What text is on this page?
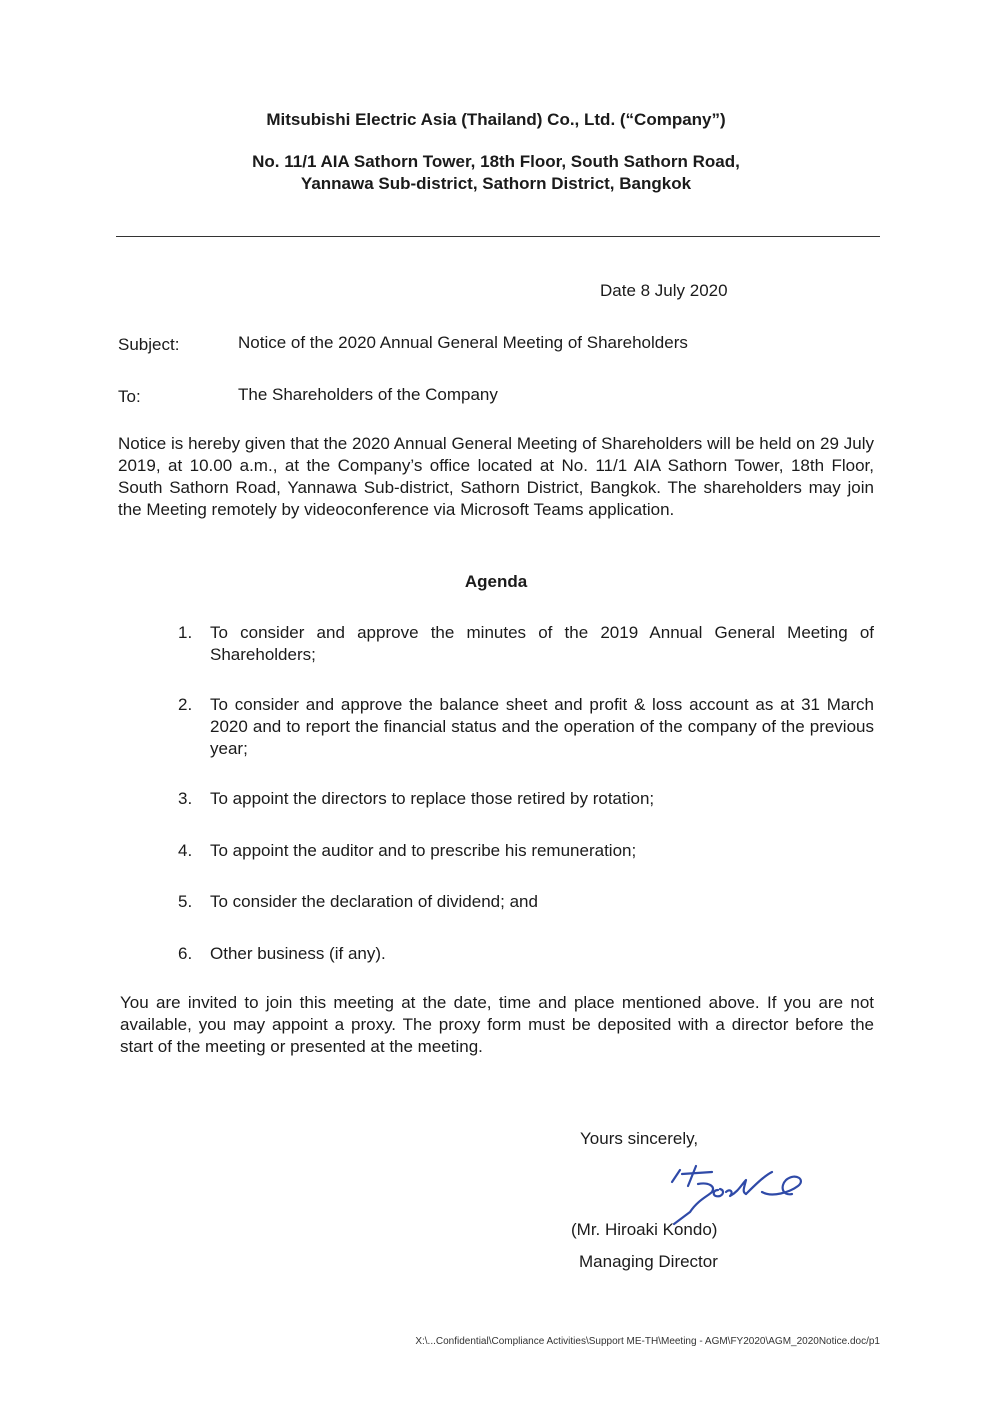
Mitsubishi Electric Asia (Thailand) Co., Ltd. (“Company”)
No. 11/1 AIA Sathorn Tower, 18th Floor, South Sathorn Road,
Yannawa Sub-district, Sathorn District, Bangkok
Date 8 July 2020
Subject:	Notice of the 2020 Annual General Meeting of Shareholders
To:	The Shareholders of the Company
Notice is hereby given that the 2020 Annual General Meeting of Shareholders will be held on 29 July 2019, at 10.00 a.m., at the Company’s office located at No. 11/1 AIA Sathorn Tower, 18th Floor, South Sathorn Road, Yannawa Sub-district, Sathorn District, Bangkok. The shareholders may join the Meeting remotely by videoconference via Microsoft Teams application.
Agenda
1.	To consider and approve the minutes of the 2019 Annual General Meeting of Shareholders;
2.	To consider and approve the balance sheet and profit & loss account as at 31 March 2020 and to report the financial status and the operation of the company of the previous year;
3.	To appoint the directors to replace those retired by rotation;
4.	To appoint the auditor and to prescribe his remuneration;
5.	To consider the declaration of dividend; and
6.	Other business (if any).
You are invited to join this meeting at the date, time and place mentioned above. If you are not available, you may appoint a proxy. The proxy form must be deposited with a director before the start of the meeting or presented at the meeting.
Yours sincerely,
(Mr. Hiroaki Kondo)
Managing Director
X:\...Confidential\Compliance Activities\Support ME-TH\Meeting - AGM\FY2020\AGM_2020Notice.doc/p1
